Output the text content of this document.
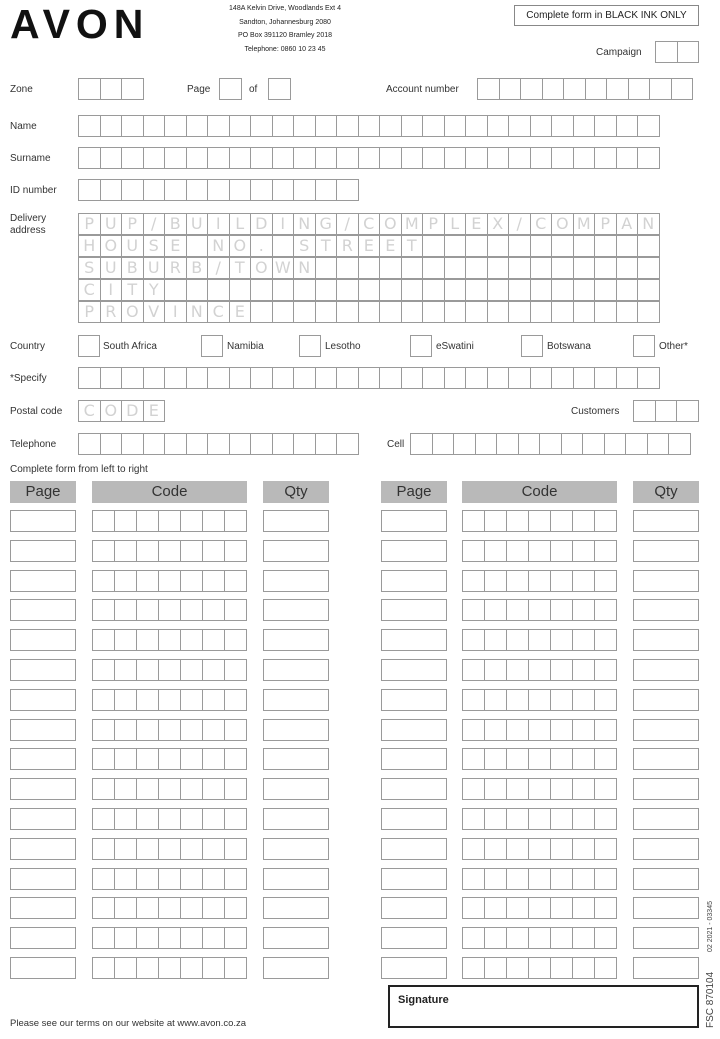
AVON	148A Kelvin Drive, Woodlands Ext 4
Sandton, Johannesburg 2080
PO Box 391120 Bramley 2018
Telephone: 0860 10 23 45
Complete form in BLACK INK ONLY
Campaign
Zone	Page	of	Account number
Name
Surname
ID number
Delivery address	P U P / B U I L D I N G / C O M P L E X / C O M P A N
H O U S E	N O .	S T R E E T
S U B U R B / T O W N
C I T Y
P R O V I N C E
Country	South Africa	Namibia	Lesotho	eSwatini	Botswana	Other*
*Specify
Postal code	C O D E	Customers
Telephone	Cell
Complete form from left to right
Page	Code	Qty	Page	Code	Qty
Signature
Please see our terms on our website at www.avon.co.za	FSC 870104
02 2021 - 03345
